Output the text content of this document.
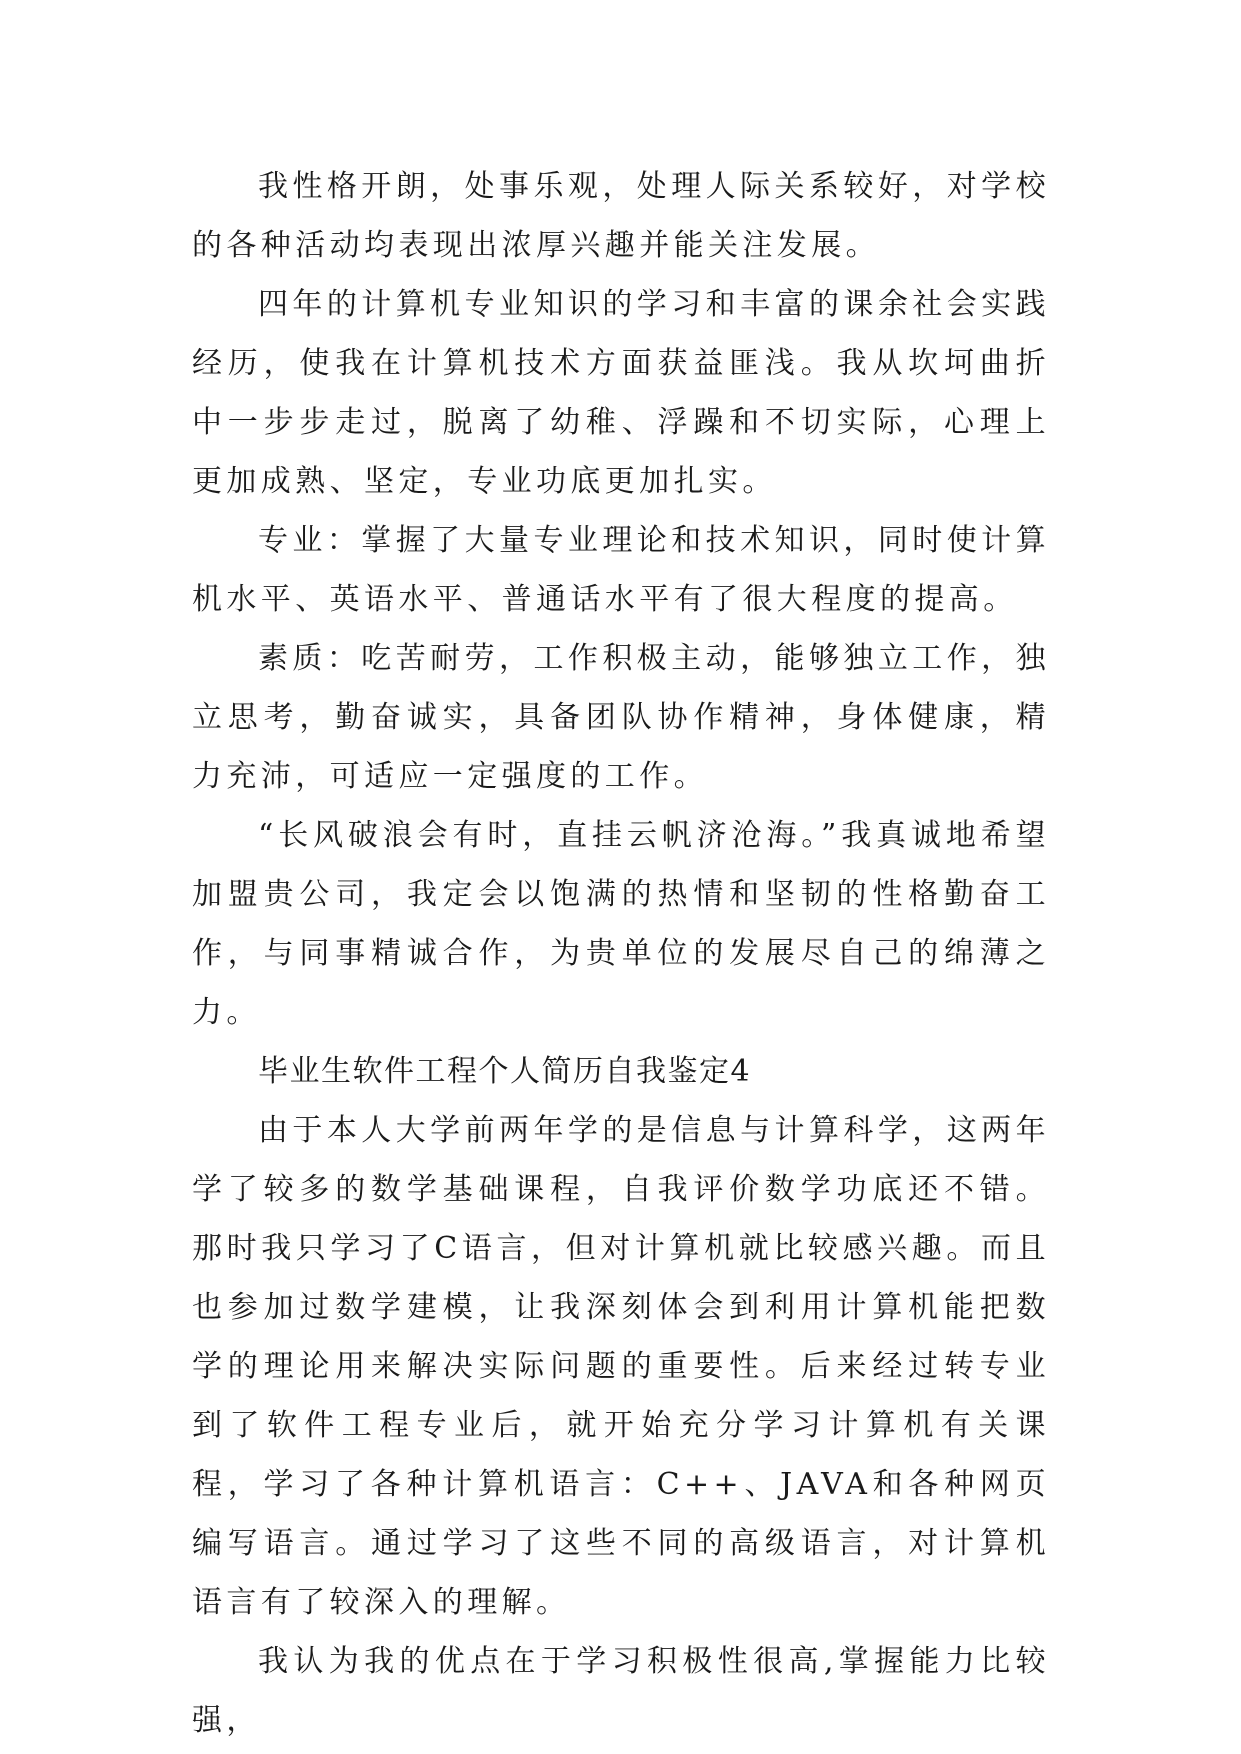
我性格开朗，处事乐观，处理人际关系较好，对学校的各种活动均表现出浓厚兴趣并能关注发展。

四年的计算机专业知识的学习和丰富的课余社会实践经历，使我在计算机技术方面获益匪浅。我从坎坷曲折中一步步走过，脱离了幼稚、浮躁和不切实际，心理上更加成熟、坚定，专业功底更加扎实。

专业：掌握了大量专业理论和技术知识，同时使计算机水平、英语水平、普通话水平有了很大程度的提高。

素质：吃苦耐劳，工作积极主动，能够独立工作，独立思考，勤奋诚实，具备团队协作精神，身体健康，精力充沛，可适应一定强度的工作。

“长风破浪会有时，直挂云帆济沧海。”我真诚地希望加盟贵公司，我定会以饱满的热情和坚韧的性格勤奋工作，与同事精诚合作，为贵单位的发展尽自己的绵薄之力。

毕业生软件工程个人简历自我鉴定4

由于本人大学前两年学的是信息与计算科学，这两年学了较多的数学基础课程，自我评价数学功底还不错。那时我只学习了C语言，但对计算机就比较感兴趣。而且也参加过数学建模，让我深刻体会到利用计算机能把数学的理论用来解决实际问题的重要性。后来经过转专业到了软件工程专业后，就开始充分学习计算机有关课程，学习了各种计算机语言：C++、JAVA和各种网页编写语言。通过学习了这些不同的高级语言，对计算机语言有了较深入的理解。

我认为我的优点在于学习积极性很高,掌握能力比较强，
